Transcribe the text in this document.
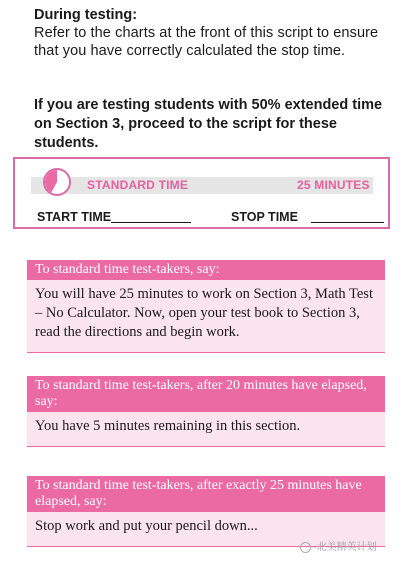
During testing:
Refer to the charts at the front of this script to ensure that you have correctly calculated the stop time.
If you are testing students with 50% extended time on Section 3, proceed to the script for these students.
STANDARD TIME	25 MINUTES
START TIME	STOP TIME
To standard time test-takers, say:
You will have 25 minutes to work on Section 3, Math Test – No Calculator. Now, open your test book to Section 3, read the directions and begin work.
To standard time test-takers, after 20 minutes have elapsed, say:
You have 5 minutes remaining in this section.
To standard time test-takers, after exactly 25 minutes have elapsed, say:
Stop work and put your pencil down...
-北美精英计划
